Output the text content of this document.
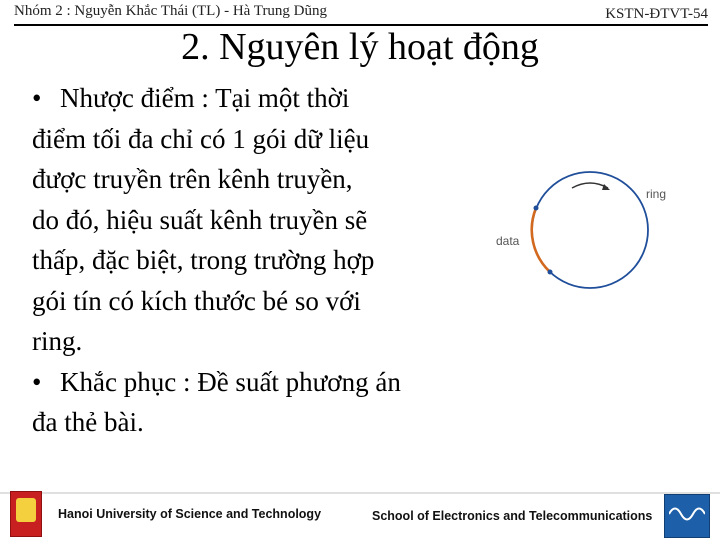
Nhóm 2 : Nguyễn Khắc Thái (TL) - Hà Trung Dũng	KSTN-ĐTVT-54
2. Nguyên lý hoạt động
• Nhược điểm : Tại một thời
điểm tối đa chỉ có 1 gói dữ liệu
được truyền trên kênh truyền,
do đó, hiệu suất kênh truyền sẽ
thấp, đặc biệt, trong trường hợp
gói tín có kích thước bé so với
ring.
• Khắc phục : Đề suất phương án
đa thẻ bài.
ring
data
Hanoi University of Science and Technology	School of Electronics and Telecommunications
